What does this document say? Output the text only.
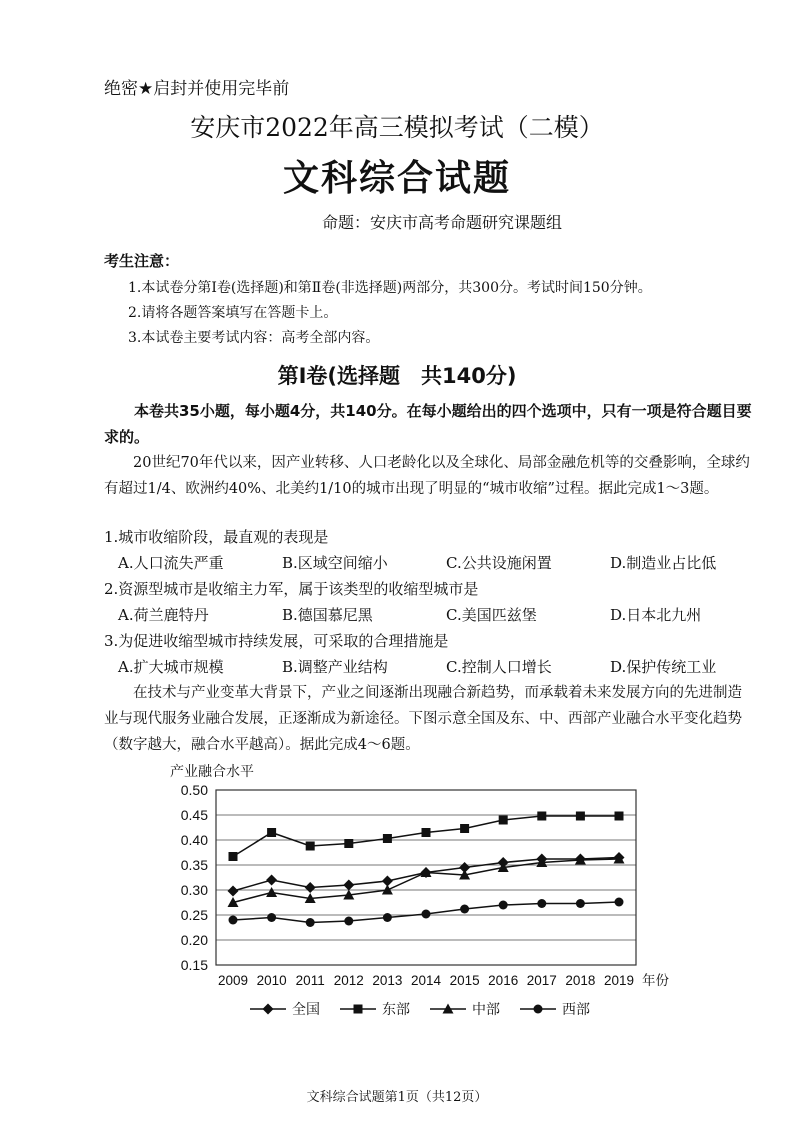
绝密★启封并使用完毕前
安庆市2022年高三模拟考试（二模）
文科综合试题
命题：安庆市高考命题研究课题组
考生注意：
1.本试卷分第Ⅰ卷(选择题)和第Ⅱ卷(非选择题)两部分，共300分。考试时间150分钟。
2.请将各题答案填写在答题卡上。
3.本试卷主要考试内容：高考全部内容。
第Ⅰ卷(选择题　共140分)
本卷共35小题，每小题4分，共140分。在每小题给出的四个选项中，只有一项是符合题目要求的。
20世纪70年代以来，因产业转移、人口老龄化以及全球化、局部金融危机等的交叠影响，全球约有超过1/4、欧洲约40%、北美约1/10的城市出现了明显的“城市收缩”过程。据此完成1～3题。
1.城市收缩阶段，最直观的表现是
A.人口流失严重	B.区域空间缩小	C.公共设施闲置	D.制造业占比低
2.资源型城市是收缩主力军，属于该类型的收缩型城市是
A.荷兰鹿特丹	B.德国慕尼黑	C.美国匹兹堡	D.日本北九州
3.为促进收缩型城市持续发展，可采取的合理措施是
A.扩大城市规模	B.调整产业结构	C.控制人口增长	D.保护传统工业
在技术与产业变革大背景下，产业之间逐渐出现融合新趋势，而承载着未来发展方向的先进制造业与现代服务业融合发展，正逐渐成为新途径。下图示意全国及东、中、西部产业融合水平变化趋势（数字越大，融合水平越高）。据此完成4～6题。
产业融合水平
0.50
0.45
0.40
0.35
0.30
0.25
0.20
0.15
2009 2010 2011 2012 2013 2014 2015 2016 2017 2018 2019 年份
全国	东部	中部	西部
文科综合试题第1页（共12页）
